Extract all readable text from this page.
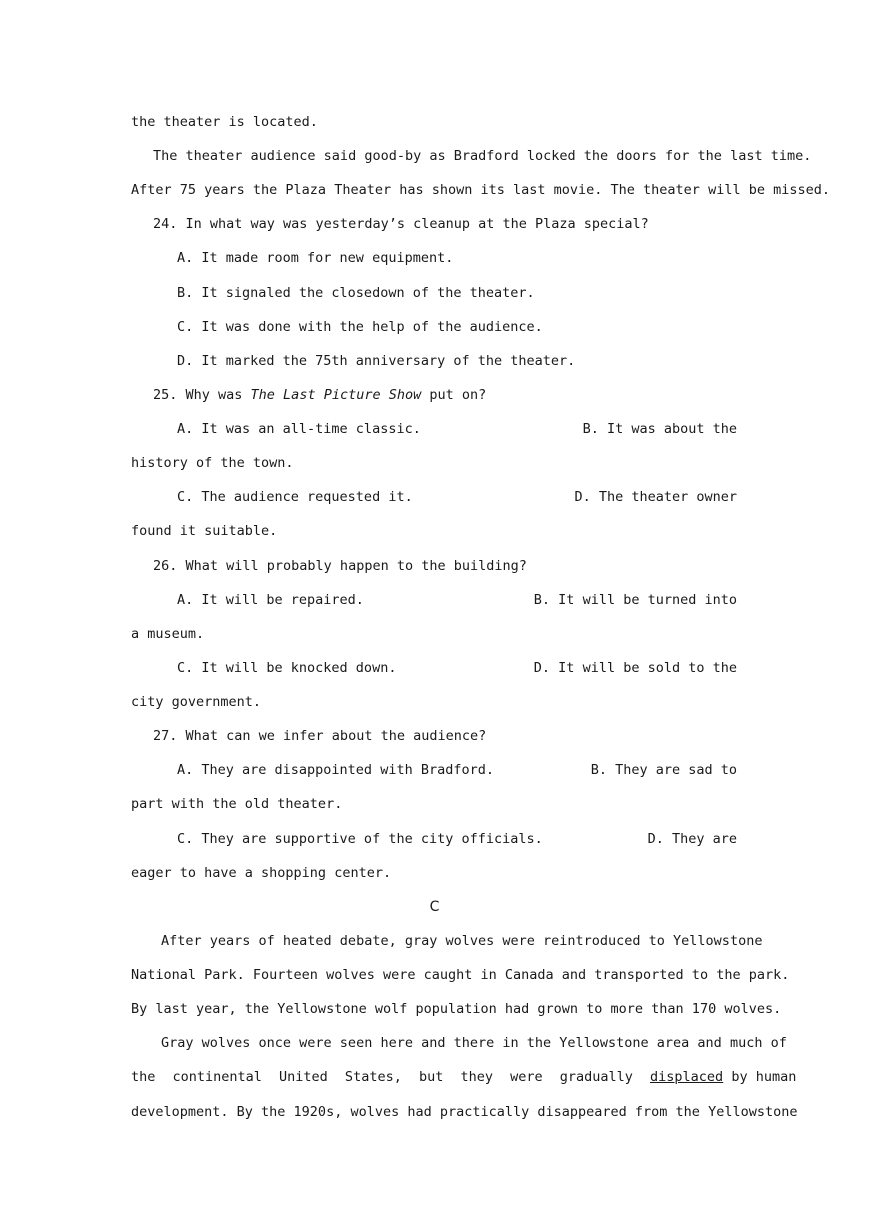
the theater is located.
The theater audience said good-by as Bradford locked the doors for the last time.
After 75 years the Plaza Theater has shown its last movie. The theater will be missed.
24. In what way was yesterday’s cleanup at the Plaza special?
A. It made room for new equipment.
B. It signaled the closedown of the theater.
C. It was done with the help of the audience.
D. It marked the 75th anniversary of the theater.
25. Why was The Last Picture Show put on?
A. It was an all-time classic.	B. It was about the
history of the town.
C. The audience requested it.	D. The theater owner
found it suitable.
26. What will probably happen to the building?
A. It will be repaired.	B. It will be turned into
a museum.
C. It will be knocked down.	D. It will be sold to the
city government.
27. What can we infer about the audience?
A. They are disappointed with Bradford.	B. They are sad to
part with the old theater.
C. They are supportive of the city officials.	D. They are
eager to have a shopping center.
C
After years of heated debate, gray wolves were reintroduced to Yellowstone
National Park. Fourteen wolves were caught in Canada and transported to the park.
By last year, the Yellowstone wolf population had grown to more than 170 wolves.
Gray wolves once were seen here and there in the Yellowstone area and much of
the continental United States, but they were gradually displaced by human
development. By the 1920s, wolves had practically disappeared from the Yellowstone
